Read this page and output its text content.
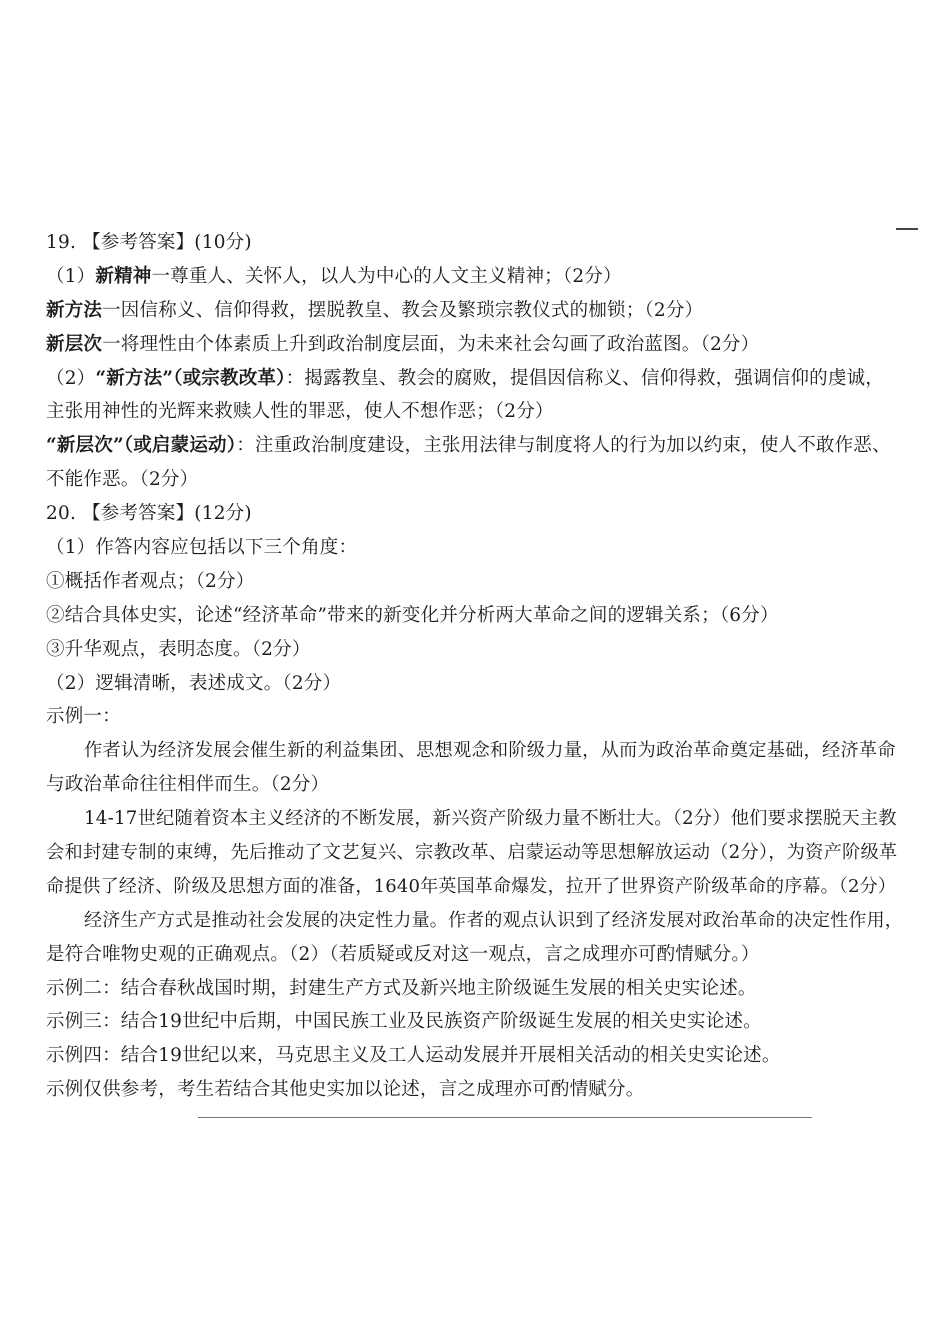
19. 【参考答案】(10分)
（1）新精神一尊重人、关怀人，以人为中心的人文主义精神；（2分）
新方法一因信称义、信仰得救，摆脱教皇、教会及繁琐宗教仪式的枷锁；（2分）
新层次一将理性由个体素质上升到政治制度层面，为未来社会勾画了政治蓝图。（2分）
（2）“新方法”（或宗教改革）：揭露教皇、教会的腐败，提倡因信称义、信仰得救，强调信仰的虔诚，
主张用神性的光辉来救赎人性的罪恶，使人不想作恶；（2分）
“新层次”（或启蒙运动）：注重政治制度建设，主张用法律与制度将人的行为加以约束，使人不敢作恶、
不能作恶。（2分）
20. 【参考答案】(12分)
（1）作答内容应包括以下三个角度：
①概括作者观点；（2分）
②结合具体史实，论述“经济革命”带来的新变化并分析两大革命之间的逻辑关系；（6分）
③升华观点，表明态度。（2分）
（2）逻辑清晰，表述成文。（2分）
示例一：
作者认为经济发展会催生新的利益集团、思想观念和阶级力量，从而为政治革命奠定基础，经济革命
与政治革命往往相伴而生。（2分）
14-17世纪随着资本主义经济的不断发展，新兴资产阶级力量不断壮大。（2分）他们要求摆脱天主教
会和封建专制的束缚，先后推动了文艺复兴、宗教改革、启蒙运动等思想解放运动（2分），为资产阶级革
命提供了经济、阶级及思想方面的准备，1640年英国革命爆发，拉开了世界资产阶级革命的序幕。（2分）
经济生产方式是推动社会发展的决定性力量。作者的观点认识到了经济发展对政治革命的决定性作用，
是符合唯物史观的正确观点。（2）（若质疑或反对这一观点，言之成理亦可酌情赋分。）
示例二：结合春秋战国时期，封建生产方式及新兴地主阶级诞生发展的相关史实论述。
示例三：结合19世纪中后期，中国民族工业及民族资产阶级诞生发展的相关史实论述。
示例四：结合19世纪以来，马克思主义及工人运动发展并开展相关活动的相关史实论述。
示例仅供参考，考生若结合其他史实加以论述，言之成理亦可酌情赋分。
